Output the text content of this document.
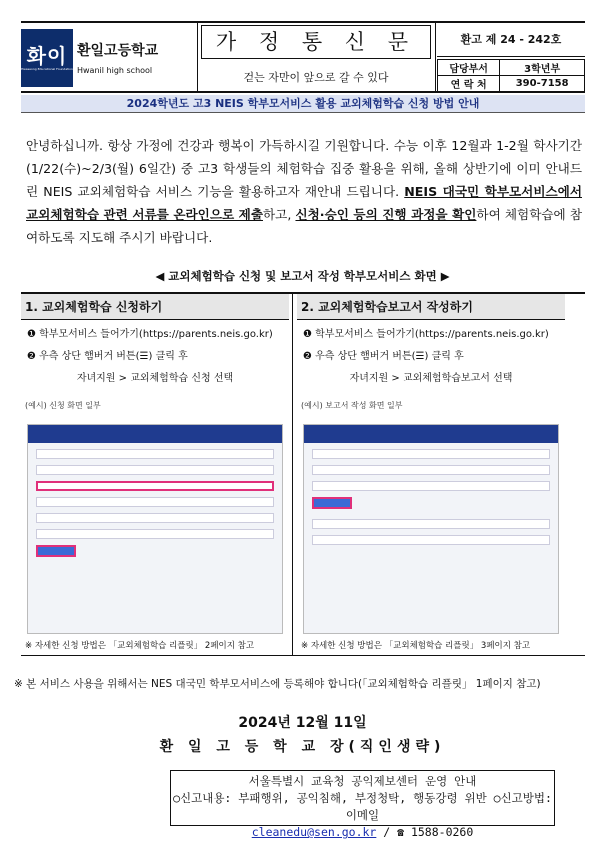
화이
Hwaseong Educational Foundation
환일고등학교
Hwanil high school
가 정 통 신 문
걷는 자만이 앞으로 갈 수 있다
환고 제 24 - 242호
담당부서	3학년부
연 락 처	390-7158
2024학년도 고3 NEIS 학부모서비스 활용 교외체험학습 신청 방법 안내
안녕하십니까. 항상 가정에 건강과 행복이 가득하시길 기원합니다. 수능 이후 12월과 1-2월 학사기간(1/22(수)~2/3(월) 6일간) 중 고3 학생들의 체험학습 집중 활용을 위해, 올해 상반기에 이미 안내드린 NEIS 교외체험학습 서비스 기능을 활용하고자 재안내 드립니다. NEIS 대국민 학부모서비스에서 교외체험학습 관련 서류를 온라인으로 제출하고, 신청·승인 등의 진행 과정을 확인하여 체험학습에 참여하도록 지도해 주시기 바랍니다.
◀ 교외체험학습 신청 및 보고서 작성 학부모서비스 화면 ▶
1. 교외체험학습 신청하기
❶ 학부모서비스 들어가기(https://parents.neis.go.kr)
❷ 우측 상단 햄버거 버튼(☰) 클릭 후
자녀지원 > 교외체험학습 신청 선택
(예시) 신청 화면 일부
※ 자세한 신청 방법은 「교외체험학습 리플릿」 2페이지 참고
2. 교외체험학습보고서 작성하기
❶ 학부모서비스 들어가기(https://parents.neis.go.kr)
❷ 우측 상단 햄버거 버튼(☰) 클릭 후
자녀지원 > 교외체험학습보고서 선택
(예시) 보고서 작성 화면 일부
※ 자세한 신청 방법은 「교외체험학습 리플릿」 3페이지 참고
※ 본 서비스 사용을 위해서는 NES 대국민 학부모서비스에 등록해야 합니다(「교외체험학습 리플릿」 1페이지 참고)
2024년 12월 11일
환 일 고 등 학 교 장(직인생략)
서울특별시 교육청 공익제보센터 운영 안내
○신고내용: 부패행위, 공익침해, 부정청탁, 행동강령 위반 ○신고방법: 이메일
cleanedu@sen.go.kr / ☎ 1588-0260
